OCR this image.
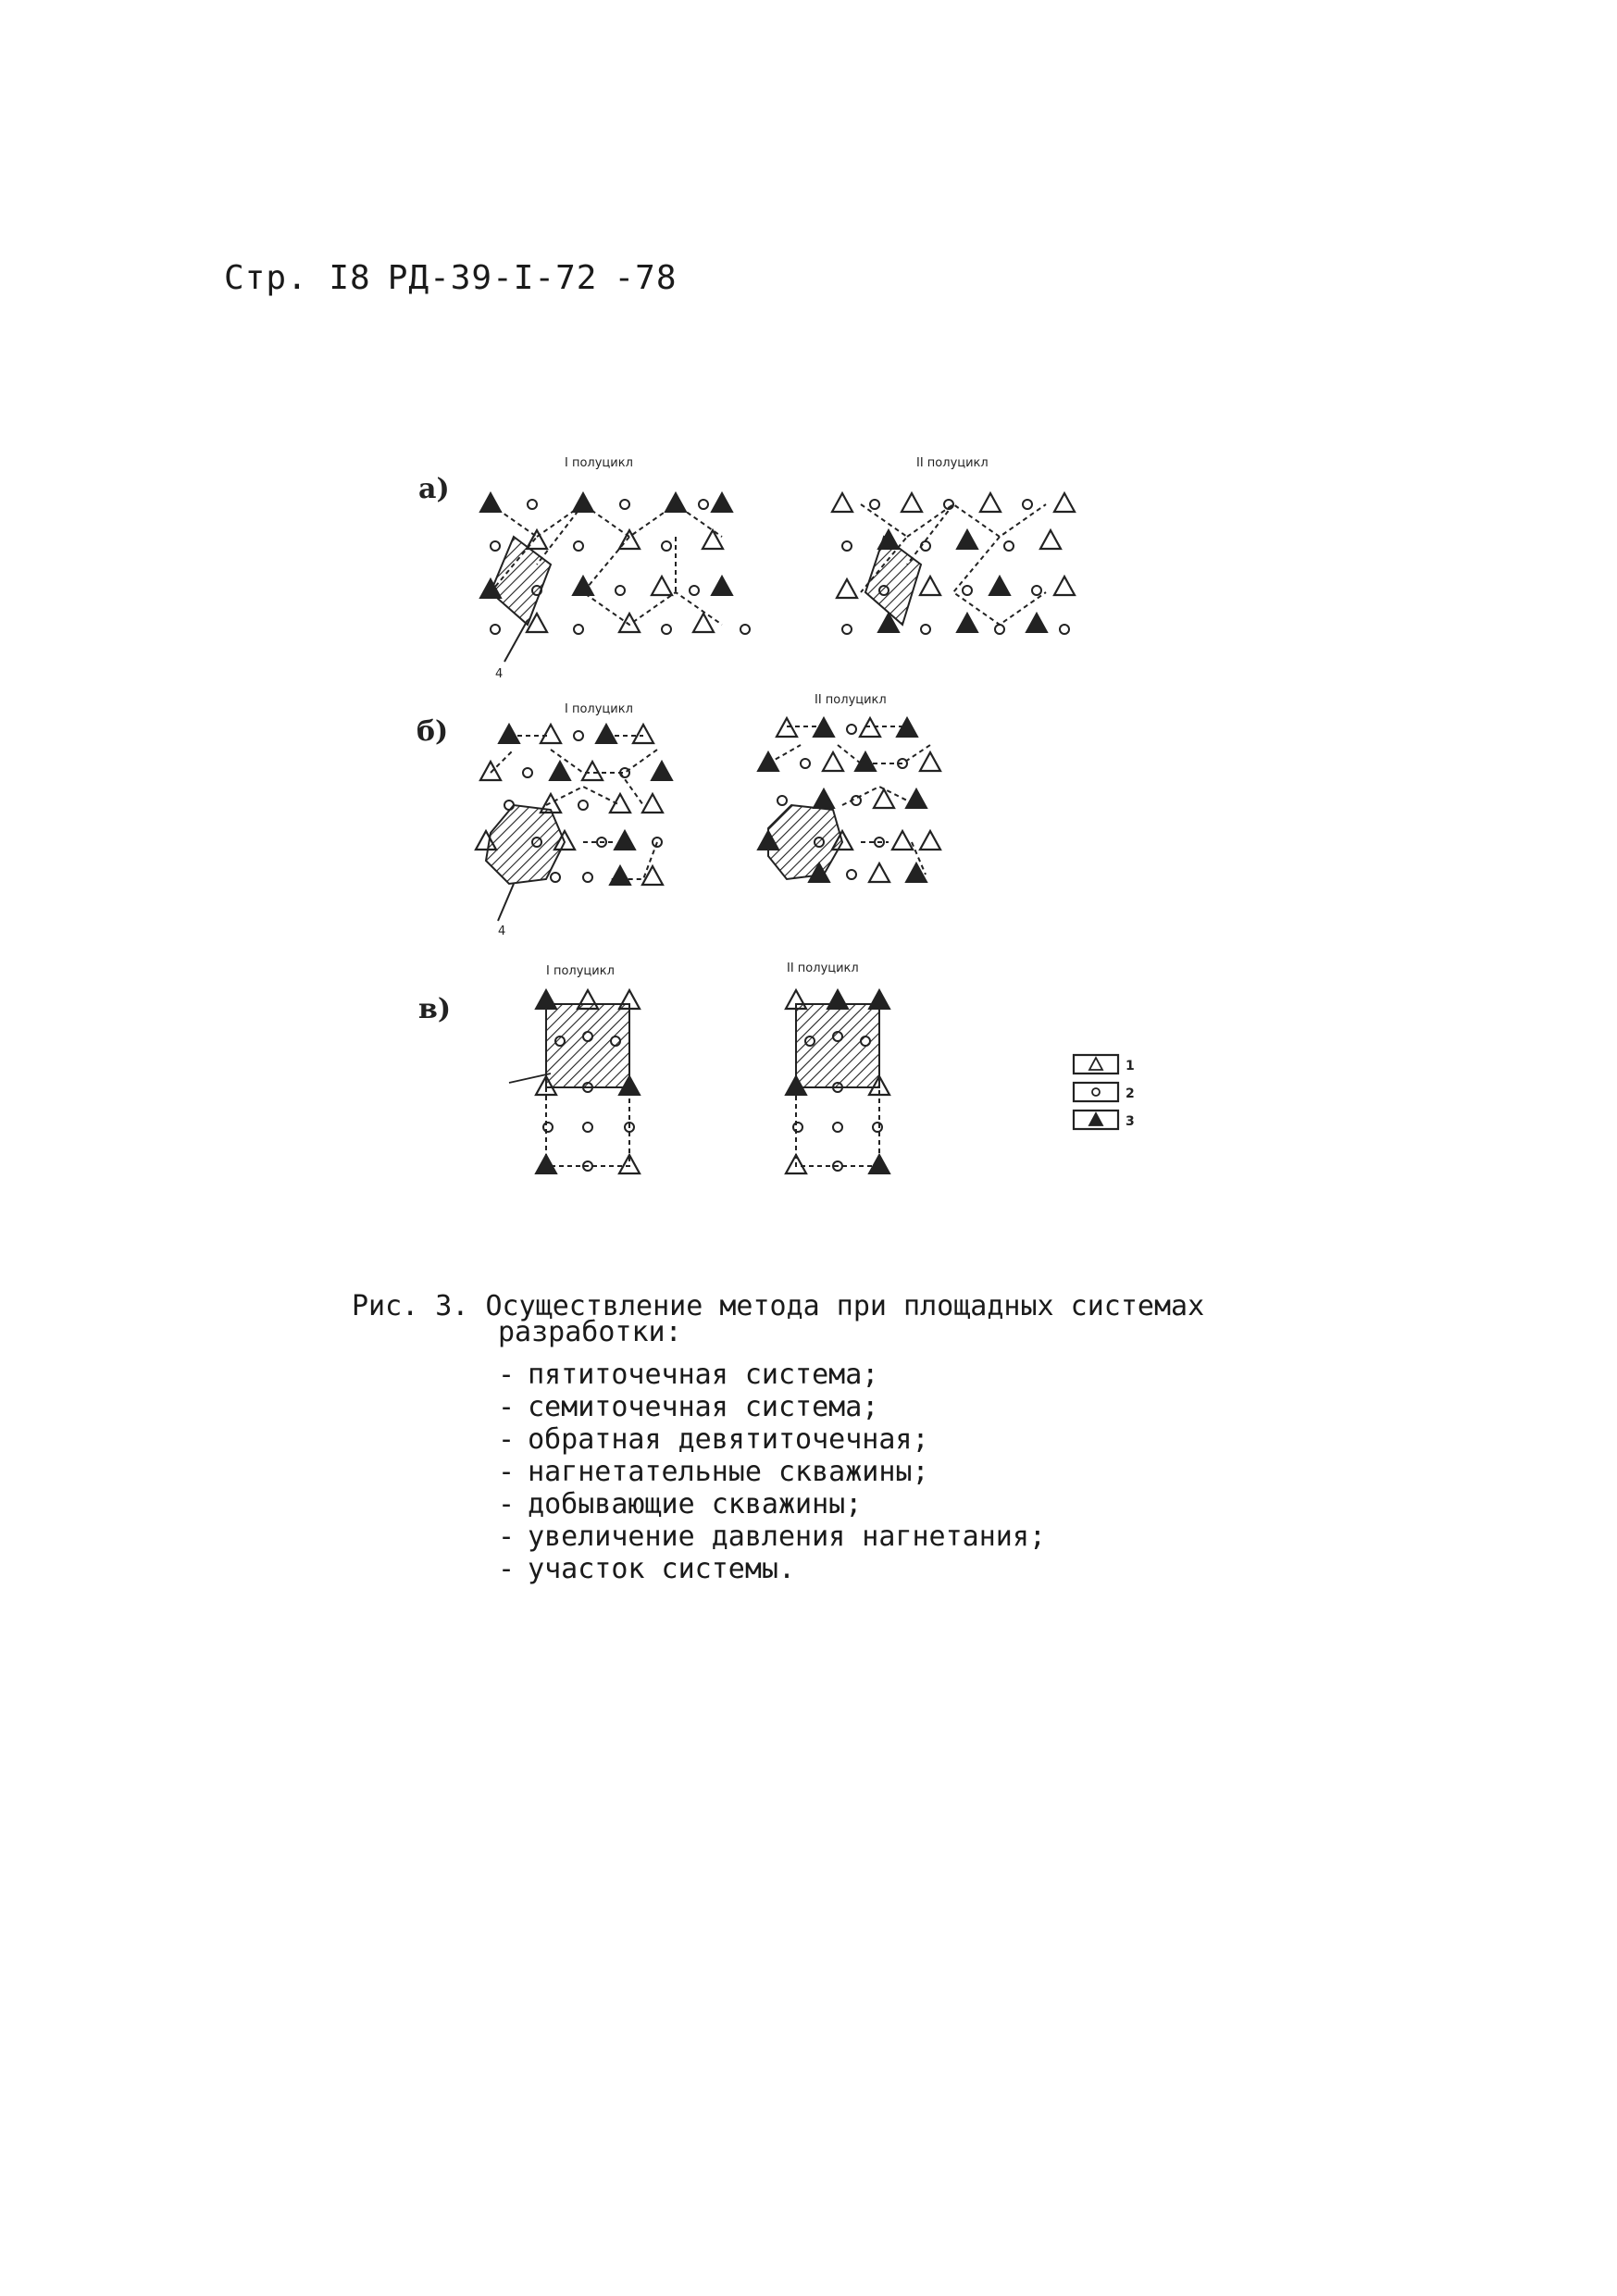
Стр. I8 РД-39-I-72 -78
а)
I полуцикл	II полуцикл
4
б)
I полуцикл
II полуцикл
4
в)
I полуцикл	II полуцикл
1
2
3
Рис. 3. Осуществление метода при площадных системах
разработки:
- пятиточечная система;
- семиточечная система;
- обратная девятиточечная;
- нагнетательные скважины;
- добывающие скважины;
- увеличение давления нагнетания;
- участок системы.
